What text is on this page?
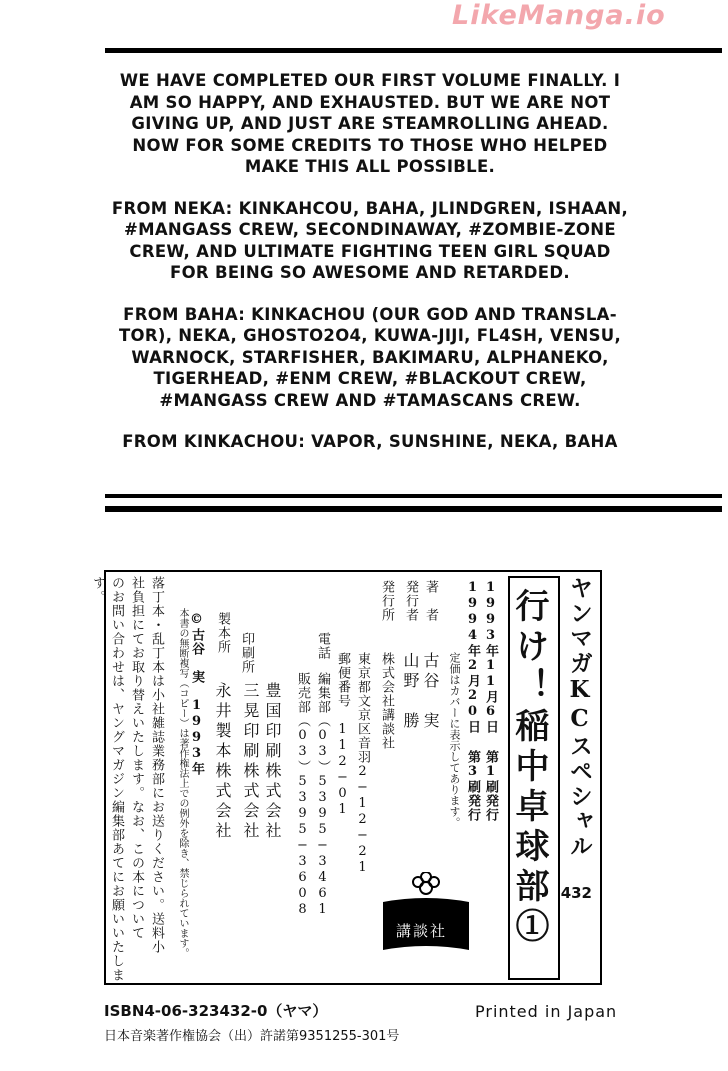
LikeManga.io

WE HAVE COMPLETED OUR FIRST VOLUME FINALLY. I AM SO HAPPY, AND EXHAUSTED. BUT WE ARE NOT GIVING UP, AND JUST ARE STEAMROLLING AHEAD. NOW FOR SOME CREDITS TO THOSE WHO HELPED MAKE THIS ALL POSSIBLE.

FROM NEKA: KINKAHCOU, BAHA, JLINDGREN, ISHAAN, #MANGASS CREW, SECONDINAWAY, #ZOMBIE-ZONE CREW, AND ULTIMATE FIGHTING TEEN GIRL SQUAD FOR BEING SO AWESOME AND RETARDED.

FROM BAHA: KINKACHOU (OUR GOD AND TRANSLA-TOR), NEKA, GHOSTO2O4, KUWA-JIJI, FL4SH, VENSU, WARNOCK, STARFISHER, BAKIMARU, ALPHANEKO, TIGERHEAD, #ENM CREW, #BLACKOUT CREW, #MANGASS CREW AND #TAMASCANS CREW.

FROM KINKACHOU: VAPOR, SUNSHINE, NEKA, BAHA

ヤンマガKCスペシャル
432
行け！稲中卓球部①
1993年11月6日 第1刷発行
1994年2月20日 第3刷発行
定価はカバーに表示してあります。
著　者
古谷　実
発行者
山野　勝
発行所
株式会社講談社
東京都文京区音羽2−12−21
郵便番号　112−01
電話
編集部（03）5395−3461
販売部（03）5395−3608
講談社
印刷所
豊国印刷株式会社
三晃印刷株式会社
製本所
永井製本株式会社
©古谷　実　1993年
本書の無断複写（コピー）は著作権法上での例外を除き、禁じられています。
落丁本・乱丁本は小社雑誌業務部にお送りください。送料小
社負担にてお取り替えいたします。なお、この本について
のお問い合わせは、ヤングマガジン編集部あてにお願いいたします。
ISBN4-06-323432-0（ヤマ）	Printed in Japan
日本音楽著作権協会（出）許諾第9351255-301号
